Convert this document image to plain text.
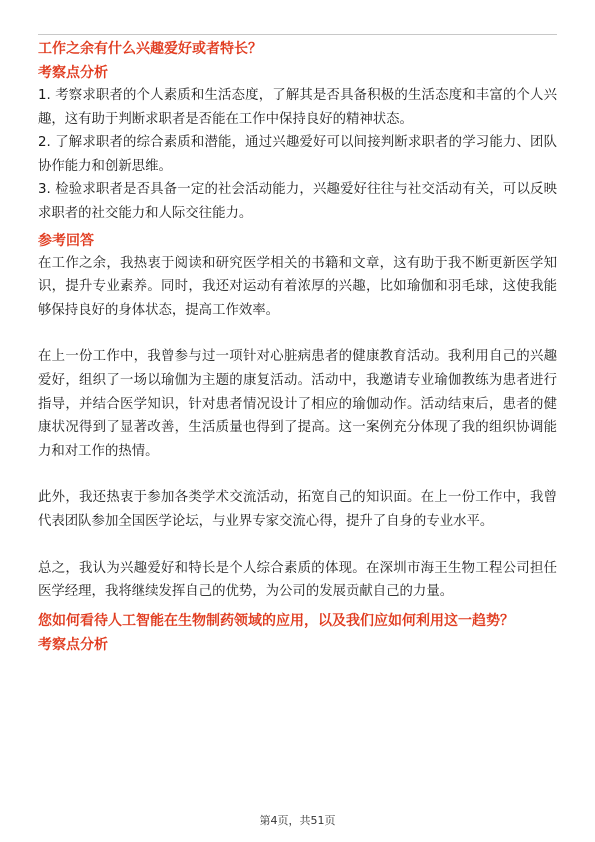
工作之余有什么兴趣爱好或者特长？

考察点分析

1. 考察求职者的个人素质和生活态度，了解其是否具备积极的生活态度和丰富的个人兴趣，这有助于判断求职者是否能在工作中保持良好的精神状态。

2. 了解求职者的综合素质和潜能，通过兴趣爱好可以间接判断求职者的学习能力、团队协作能力和创新思维。

3. 检验求职者是否具备一定的社会活动能力，兴趣爱好往往与社交活动有关，可以反映求职者的社交能力和人际交往能力。

参考回答

在工作之余，我热衷于阅读和研究医学相关的书籍和文章，这有助于我不断更新医学知识，提升专业素养。同时，我还对运动有着浓厚的兴趣，比如瑜伽和羽毛球，这使我能够保持良好的身体状态，提高工作效率。

在上一份工作中，我曾参与过一项针对心脏病患者的健康教育活动。我利用自己的兴趣爱好，组织了一场以瑜伽为主题的康复活动。活动中，我邀请专业瑜伽教练为患者进行指导，并结合医学知识，针对患者情况设计了相应的瑜伽动作。活动结束后，患者的健康状况得到了显著改善，生活质量也得到了提高。这一案例充分体现了我的组织协调能力和对工作的热情。

此外，我还热衷于参加各类学术交流活动，拓宽自己的知识面。在上一份工作中，我曾代表团队参加全国医学论坛，与业界专家交流心得，提升了自身的专业水平。

总之，我认为兴趣爱好和特长是个人综合素质的体现。在深圳市海王生物工程公司担任医学经理，我将继续发挥自己的优势，为公司的发展贡献自己的力量。

您如何看待人工智能在生物制药领域的应用，以及我们应如何利用这一趋势？

考察点分析

第4页，共51页
